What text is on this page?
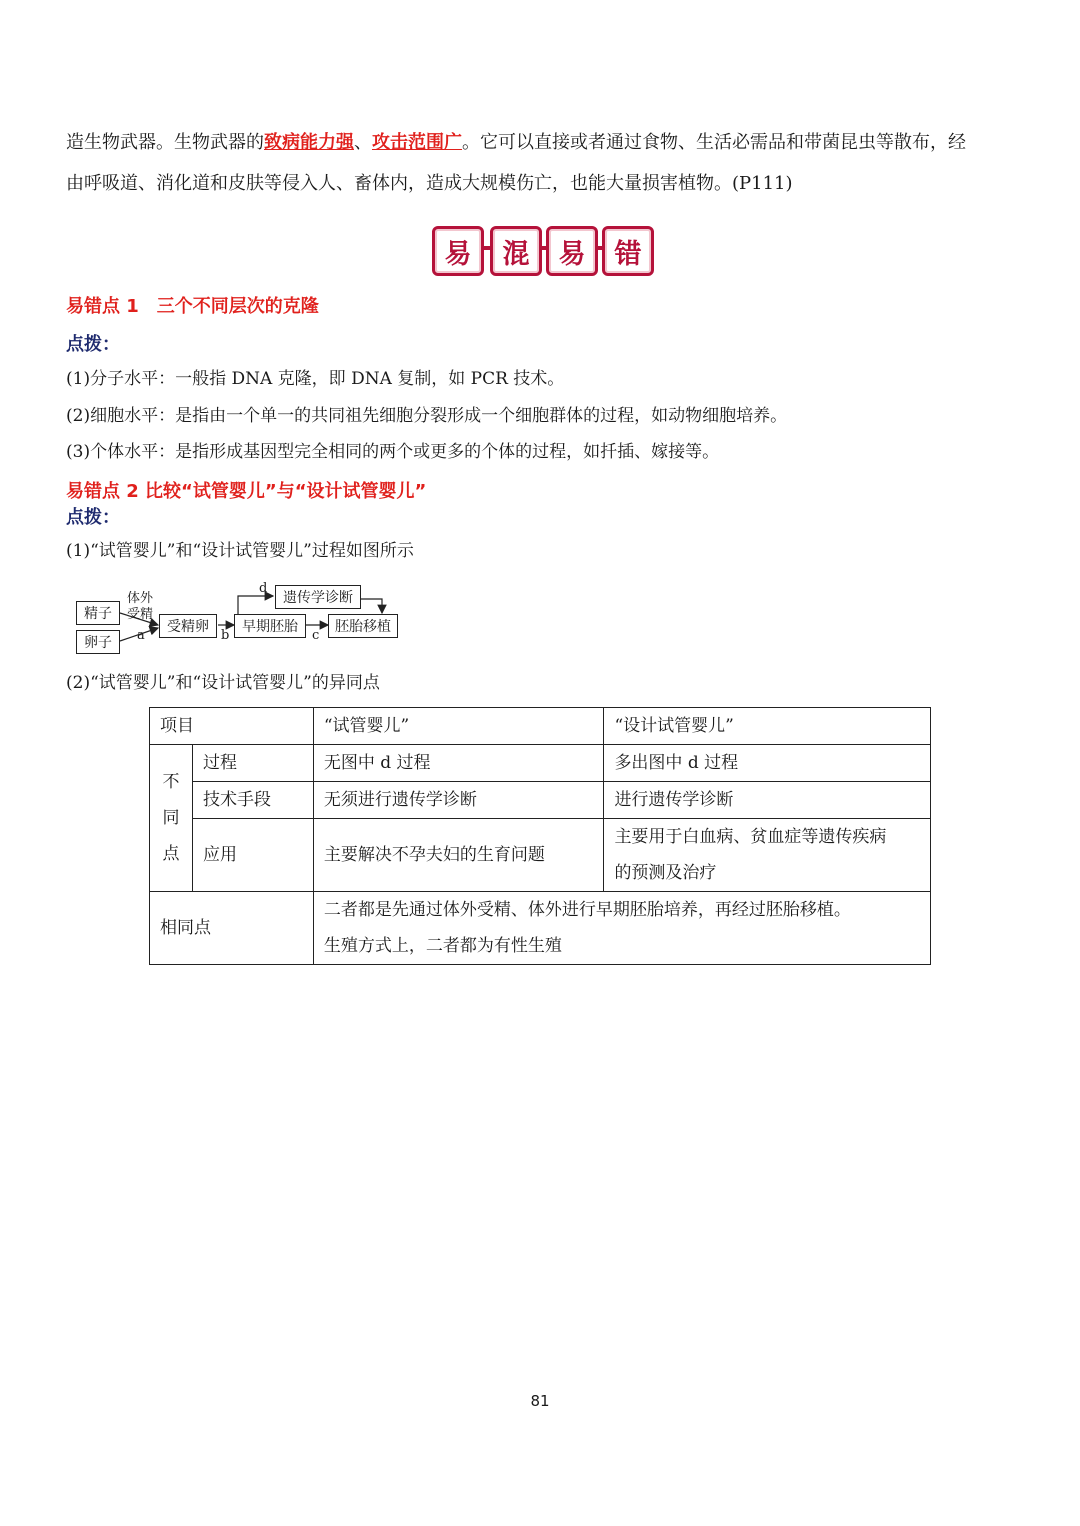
造生物武器。生物武器的致病能力强、攻击范围广。它可以直接或者通过食物、生活必需品和带菌昆虫等散布，经
由呼吸道、消化道和皮肤等侵入人、畜体内，造成大规模伤亡，也能大量损害植物。(P111)
易	混	易	错
易错点 1　三个不同层次的克隆
点拨：
(1)分子水平：一般指 DNA 克隆，即 DNA 复制，如 PCR 技术。
(2)细胞水平：是指由一个单一的共同祖先细胞分裂形成一个细胞群体的过程，如动物细胞培养。
(3)个体水平：是指形成基因型完全相同的两个或更多的个体的过程，如扦插、嫁接等。
易错点 2 比较“试管婴儿”与“设计试管婴儿”
点拨：
(1)“试管婴儿”和“设计试管婴儿”过程如图所示
精子
卵子
体外
受精
a
受精卵
b
早期胚胎
c
胚胎移植
d
遗传学诊断
(2)“试管婴儿”和“设计试管婴儿”的异同点
项目		“试管婴儿”	“设计试管婴儿”

不
同
点	过程	无图中 d 过程	多出图中 d 过程
	技术手段	无须进行遗传学诊断	进行遗传学诊断
	应用	主要解决不孕夫妇的生育问题	主要用于白血病、贫血症等遗传疾病
的预测及治疗

相同点		二者都是先通过体外受精、体外进行早期胚胎培养，再经过胚胎移植。
生殖方式上，二者都为有性生殖	
81
